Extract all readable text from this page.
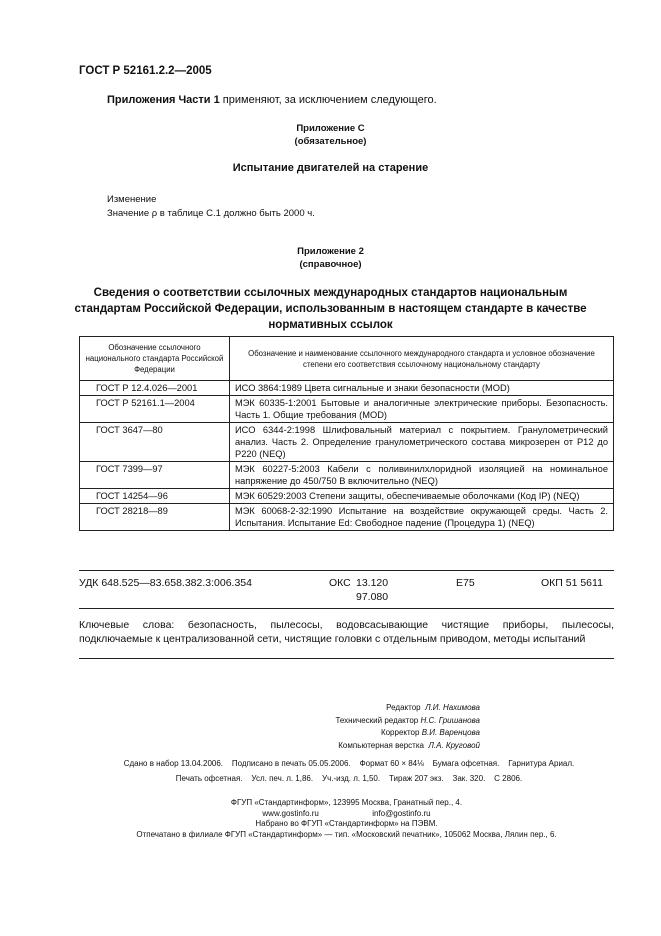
ГОСТ Р 52161.2.2—2005
Приложения Части 1 применяют, за исключением следующего.
Приложение C
(обязательное)
Испытание двигателей на старение
Изменение
Значение ρ в таблице C.1 должно быть 2000 ч.
Приложение 2
(справочное)
Сведения о соответствии ссылочных международных стандартов национальным стандартам Российской Федерации, использованным в настоящем стандарте в качестве нормативных ссылок
Обозначение ссылочного национального стандарта Российской Федерации	Обозначение и наименование ссылочного международного стандарта и условное обозначение степени его соответствия ссылочному национальному стандарту
ГОСТ Р 12.4.026—2001	ИСО 3864:1989 Цвета сигнальные и знаки безопасности (MOD)
ГОСТ Р 52161.1—2004	МЭК 60335-1:2001 Бытовые и аналогичные электрические приборы. Безопасность. Часть 1. Общие требования (MOD)
ГОСТ 3647—80	ИСО 6344-2:1998 Шлифовальный материал с покрытием. Гранулометрический анализ. Часть 2. Определение гранулометрического состава микрозерен от P12 до P220 (NEQ)
ГОСТ 7399—97	МЭК 60227-5:2003 Кабели с поливинилхлоридной изоляцией на номинальное напряжение до 450/750 В включительно (NEQ)
ГОСТ 14254—96	МЭК 60529:2003 Степени защиты, обеспечиваемые оболочками (Код IP) (NEQ)
ГОСТ 28218—89	МЭК 60068-2-32:1990 Испытание на воздействие окружающей среды. Часть 2. Испытания. Испытание Ed: Свободное падение (Процедура 1) (NEQ)
УДК 648.525—83.658.382.3:006.354	ОКС 13.120
97.080
Е75	ОКП 51 5611
Ключевые слова: безопасность, пылесосы, водовсасывающие чистящие приборы, пылесосы, подключаемые к централизованной сети, чистящие головки с отдельным приводом, методы испытаний
Редактор Л.И. Нахимова
Технический редактор Н.С. Гришанова
Корректор В.И. Варенцова
Компьютерная верстка Л.А. Круговой
Сдано в набор 13.04.2006.    Подписано в печать 05.05.2006.    Формат 60 × 84⅛    Бумага офсетная.    Гарнитура Ариал.
Печать офсетная.    Усл. печ. л. 1,86.    Уч.-изд. л. 1,50.    Тираж 207 экз.    Зак. 320.    С 2806.
ФГУП «Стандартинформ», 123995 Москва, Гранатный пер., 4.
www.gostinfo.ru                        info@gostinfo.ru
Набрано во ФГУП «Стандартинформ» на ПЭВМ.
Отпечатано в филиале ФГУП «Стандартинформ» — тип. «Московский печатник», 105062 Москва, Лялин пер., 6.
